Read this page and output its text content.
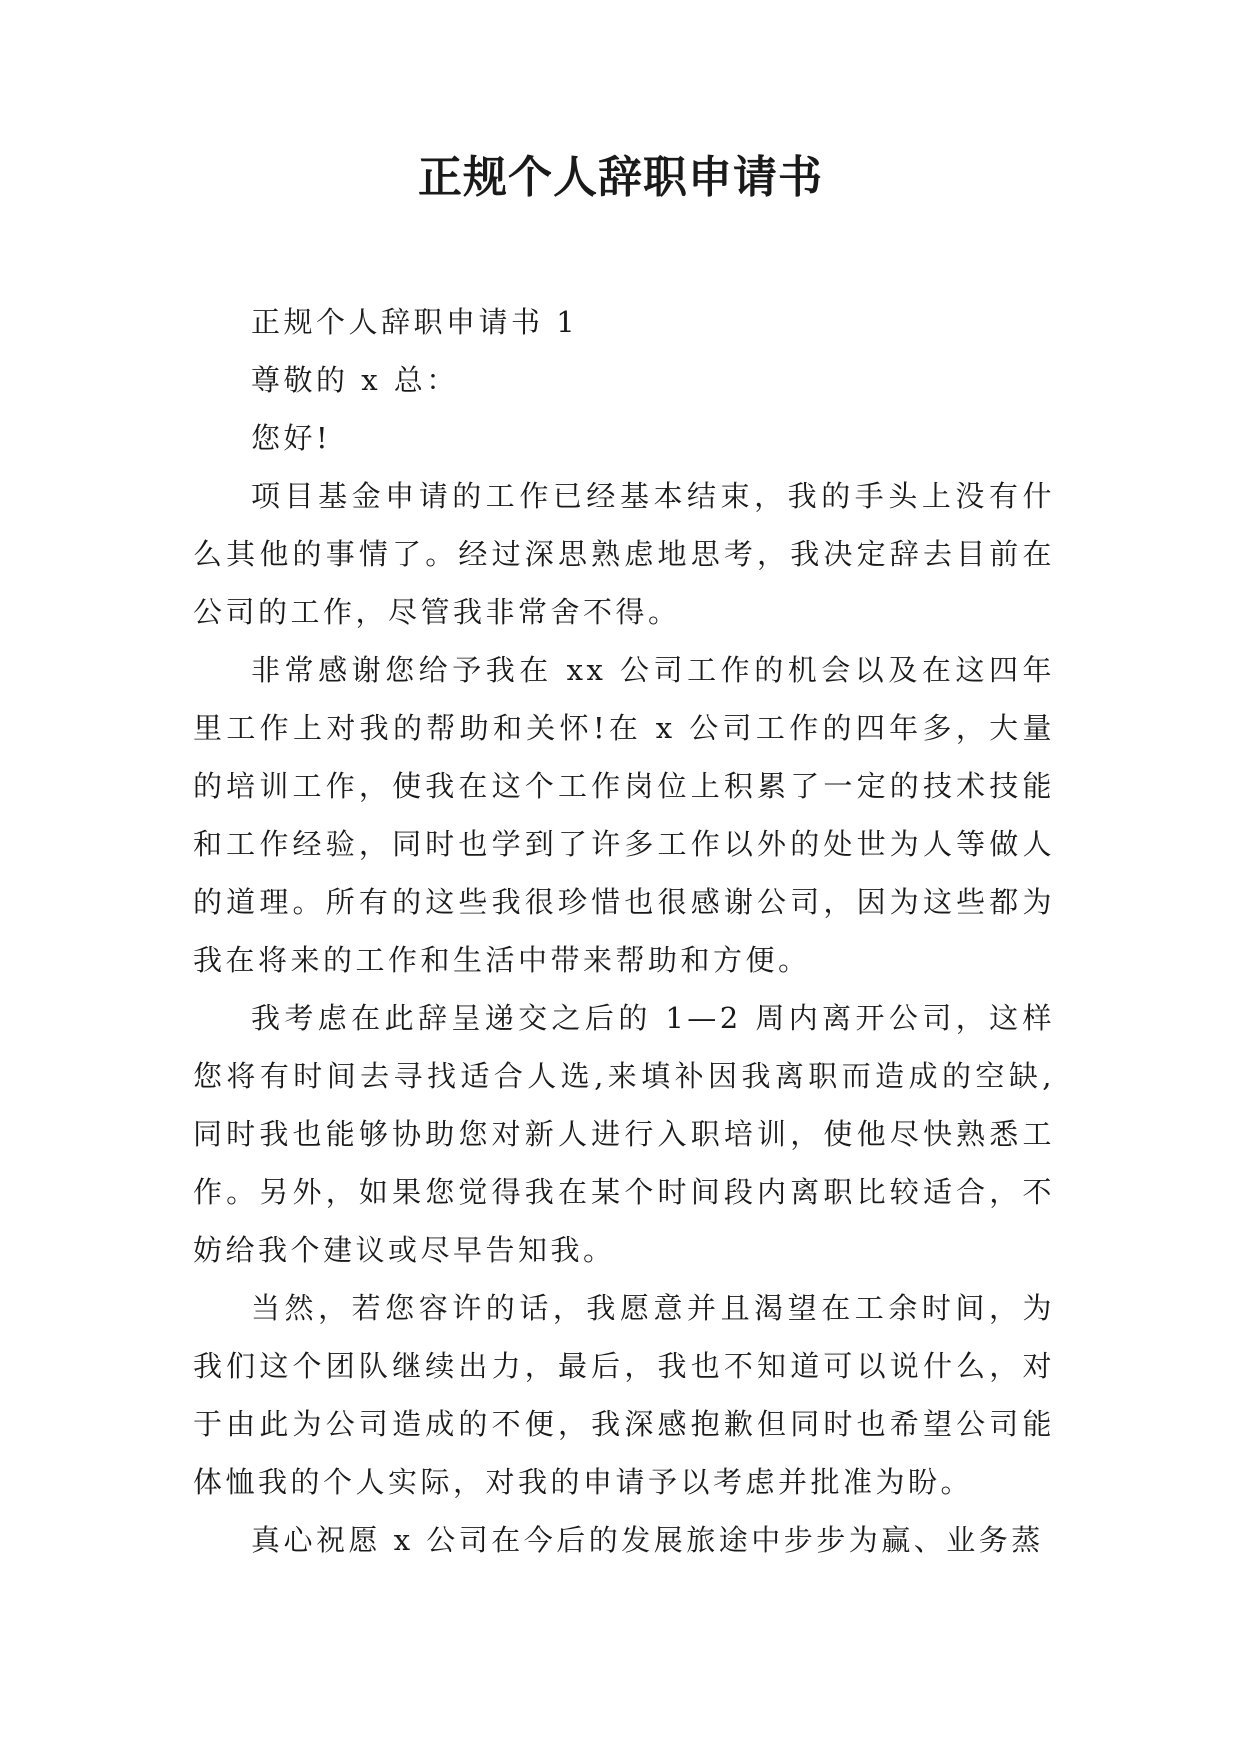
正规个人辞职申请书

正规个人辞职申请书 1

尊敬的 x 总：

您好!

项目基金申请的工作已经基本结束，我的手头上没有什么其他的事情了。经过深思熟虑地思考，我决定辞去目前在公司的工作，尽管我非常舍不得。

非常感谢您给予我在 xx 公司工作的机会以及在这四年里工作上对我的帮助和关怀!在 x 公司工作的四年多，大量的培训工作，使我在这个工作岗位上积累了一定的技术技能和工作经验，同时也学到了许多工作以外的处世为人等做人的道理。所有的这些我很珍惜也很感谢公司，因为这些都为我在将来的工作和生活中带来帮助和方便。

我考虑在此辞呈递交之后的 1—2 周内离开公司，这样您将有时间去寻找适合人选,来填补因我离职而造成的空缺,同时我也能够协助您对新人进行入职培训，使他尽快熟悉工作。另外，如果您觉得我在某个时间段内离职比较适合，不妨给我个建议或尽早告知我。

当然，若您容许的话，我愿意并且渴望在工余时间，为我们这个团队继续出力，最后，我也不知道可以说什么，对于由此为公司造成的不便，我深感抱歉但同时也希望公司能体恤我的个人实际，对我的申请予以考虑并批准为盼。

真心祝愿 x 公司在今后的发展旅途中步步为赢、业务蒸
